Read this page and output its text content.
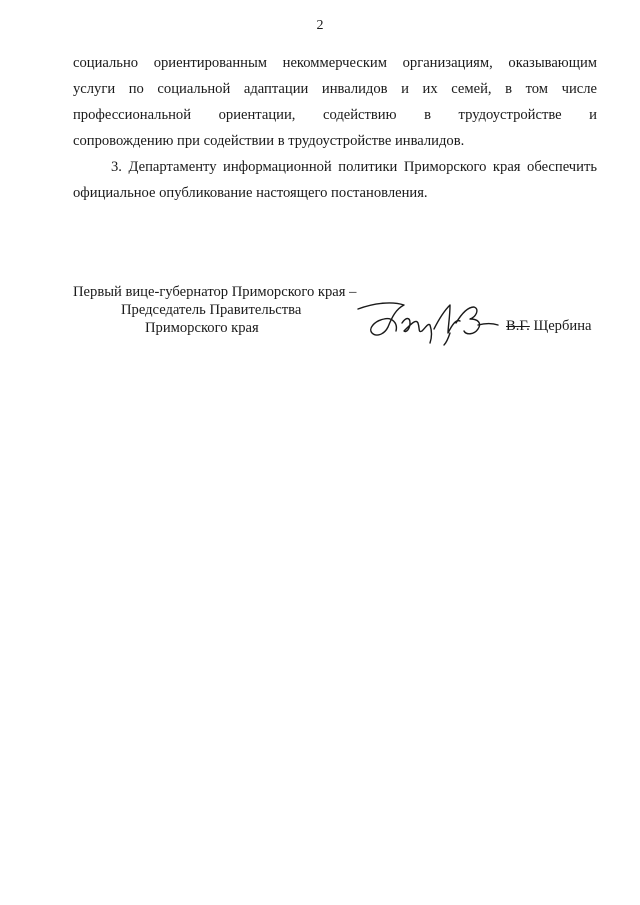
2
социально ориентированным некоммерческим организациям, оказывающим
услуги по социальной адаптации инвалидов и их семей, в том числе
профессиональной ориентации, содействию в трудоустройстве и
сопровождению при содействии в трудоустройстве инвалидов.
3. Департаменту информационной политики Приморского края обеспечить
официальное опубликование настоящего постановления.
Первый вице-губернатор Приморского края –
Председатель Правительства
Приморского края	В.Г. Щербина
